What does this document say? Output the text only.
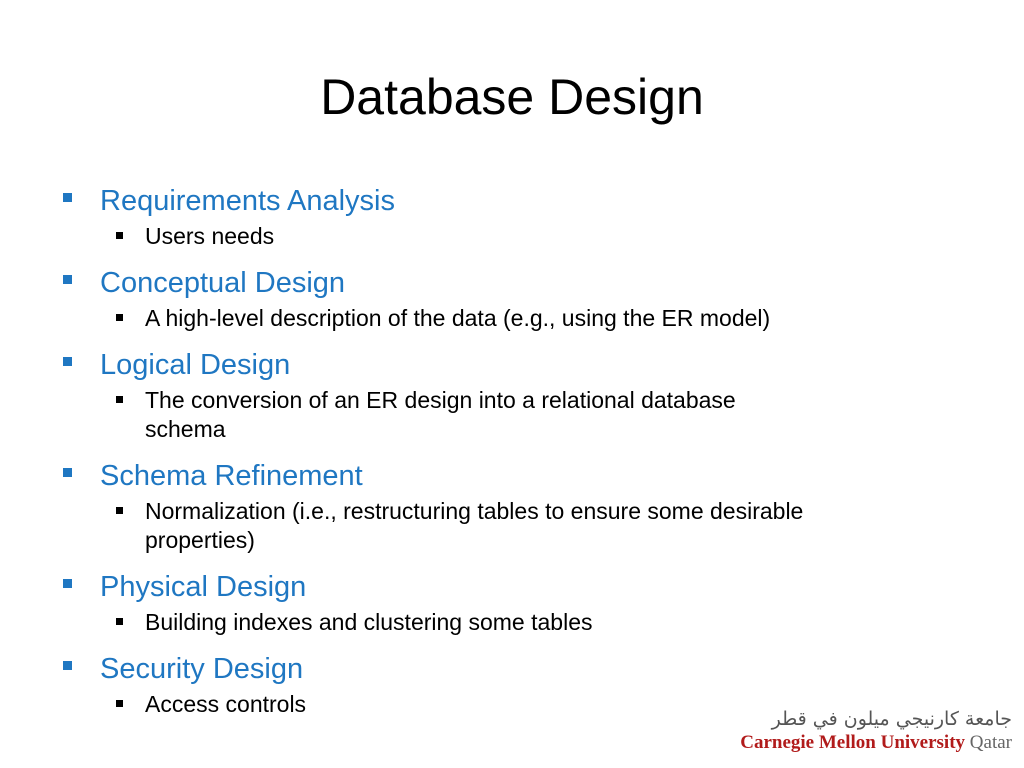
Database Design
Requirements Analysis
Users needs
Conceptual Design
A high-level description of the data (e.g., using the ER model)
Logical Design
The conversion of an ER design into a relational database schema
Schema Refinement
Normalization (i.e., restructuring tables to ensure some desirable properties)
Physical Design
Building indexes and clustering some tables
Security Design
Access controls
جامعة كارنيجي ميلون في قطر
Carnegie Mellon University Qatar
